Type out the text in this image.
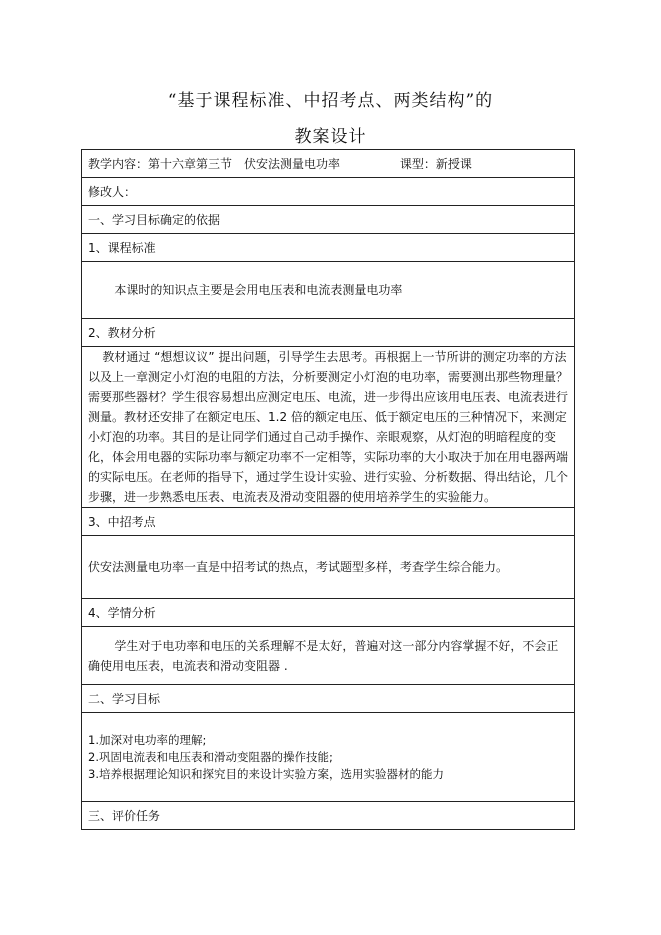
“基于课程标准、中招考点、两类结构”的
教案设计
教学内容：第十六章第三节　伏安法测量电功率	课型：新授课
修改人：
一、学习目标确定的依据
1、课程标准
本课时的知识点主要是会用电压表和电流表测量电功率
2、教材分析
教材通过 “想想议议” 提出问题，引导学生去思考。再根据上一节所讲的测定功率的方法以及上一章测定小灯泡的电阻的方法，分析要测定小灯泡的电功率，需要测出那些物理量？需要那些器材？学生很容易想出应测定电压、电流，进一步得出应该用电压表、电流表进行测量。教材还安排了在额定电压、1.2 倍的额定电压、低于额定电压的三种情况下，来测定小灯泡的功率。其目的是让同学们通过自己动手操作、亲眼观察，从灯泡的明暗程度的变化，体会用电器的实际功率与额定功率不一定相等，实际功率的大小取决于加在用电器两端的实际电压。在老师的指导下，通过学生设计实验、进行实验、分析数据、得出结论，几个步骤，进一步熟悉电压表、电流表及滑动变阻器的使用培养学生的实验能力。
3、中招考点
伏安法测量电功率一直是中招考试的热点，考试题型多样，考查学生综合能力。
4、学情分析
学生对于电功率和电压的关系理解不是太好，普遍对这一部分内容掌握不好，不会正确使用电压表，电流表和滑动变阻器 .
二、学习目标

1.加深对电功率的理解;
2.巩固电流表和电压表和滑动变阻器的操作技能;
3.培养根据理论知识和探究目的来设计实验方案，选用实验器材的能力

三、评价任务
